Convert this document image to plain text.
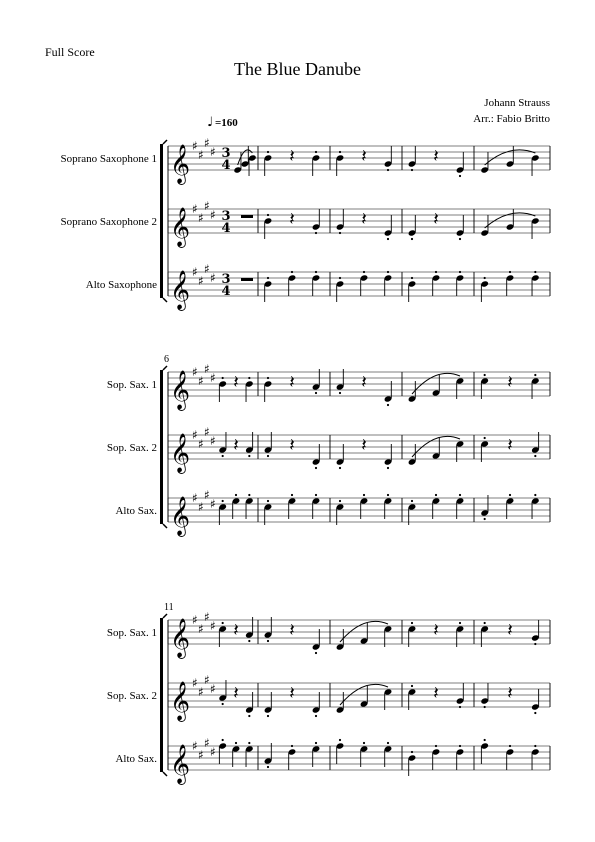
Full Score
The Blue Danube
Johann Strauss
Arr.: Fabio Britto
♩ =160
Soprano Saxophone 1 𝄞 ♯
♯
♯
♯ 3
4	𝄽	𝄽	𝄽
Soprano Saxophone 2 𝄞 ♯
♯
♯
♯ 3
4	𝄽	𝄽	𝄽
Alto Saxophone 𝄞 ♯
♯
♯
♯ 3
4
6
Sop. Sax. 1 𝄞 ♯
♯
♯
♯ 𝄽	𝄽	𝄽	𝄽
Sop. Sax. 2 𝄞 ♯
♯
♯
♯ 𝄽	𝄽	𝄽	𝄽
Alto Sax. 𝄞 ♯
♯
♯
♯
11
Sop. Sax. 1 𝄞 ♯
♯
♯
♯ 𝄽	𝄽	𝄽	𝄽
Sop. Sax. 2 𝄞 ♯
♯
♯
♯ 𝄽	𝄽	𝄽	𝄽
Alto Sax. 𝄞 ♯
♯
♯
♯
